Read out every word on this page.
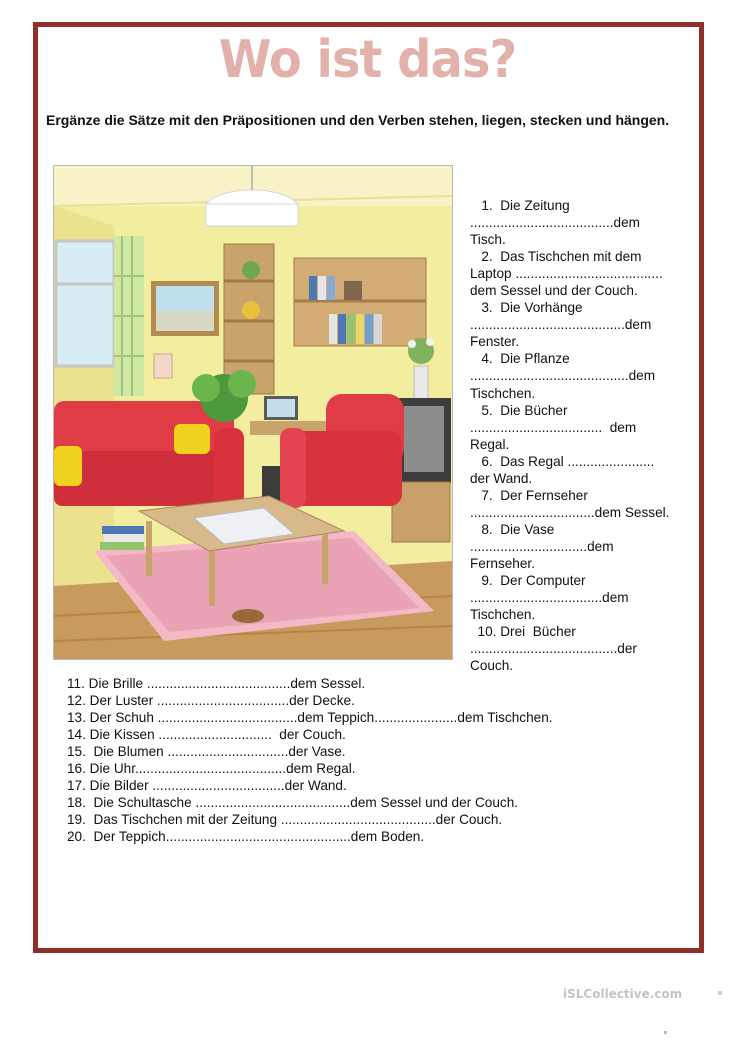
Wo ist das?
Ergänze die Sätze mit den Präpositionen und den Verben stehen, liegen, stecken und hängen.
1.  Die Zeitung
......................................dem
Tisch.
2.  Das Tischchen mit dem
Laptop .......................................
dem Sessel und der Couch.
3.  Die Vorhänge
.........................................dem
Fenster.
4.  Die Pflanze
..........................................dem
Tischchen.
5.  Die Bücher
...................................  dem
Regal.
6.  Das Regal .......................
der Wand.
7.  Der Fernseher
.................................dem Sessel.
8.  Die Vase
...............................dem
Fernseher.
9.  Der Computer
...................................dem
Tischchen.
10. Drei  Bücher
.......................................der
Couch.
11. Die Brille ......................................dem Sessel.
12. Der Luster ...................................der Decke.
13. Der Schuh .....................................dem Teppich......................dem Tischchen.
14. Die Kissen ..............................  der Couch.
15.  Die Blumen ................................der Vase.
16. Die Uhr........................................dem Regal.
17. Die Bilder ...................................der Wand.
18.  Die Schultasche .........................................dem Sessel und der Couch.
19.  Das Tischchen mit der Zeitung .........................................der Couch.
20.  Der Teppich.................................................dem Boden.
iSLCollective.com
